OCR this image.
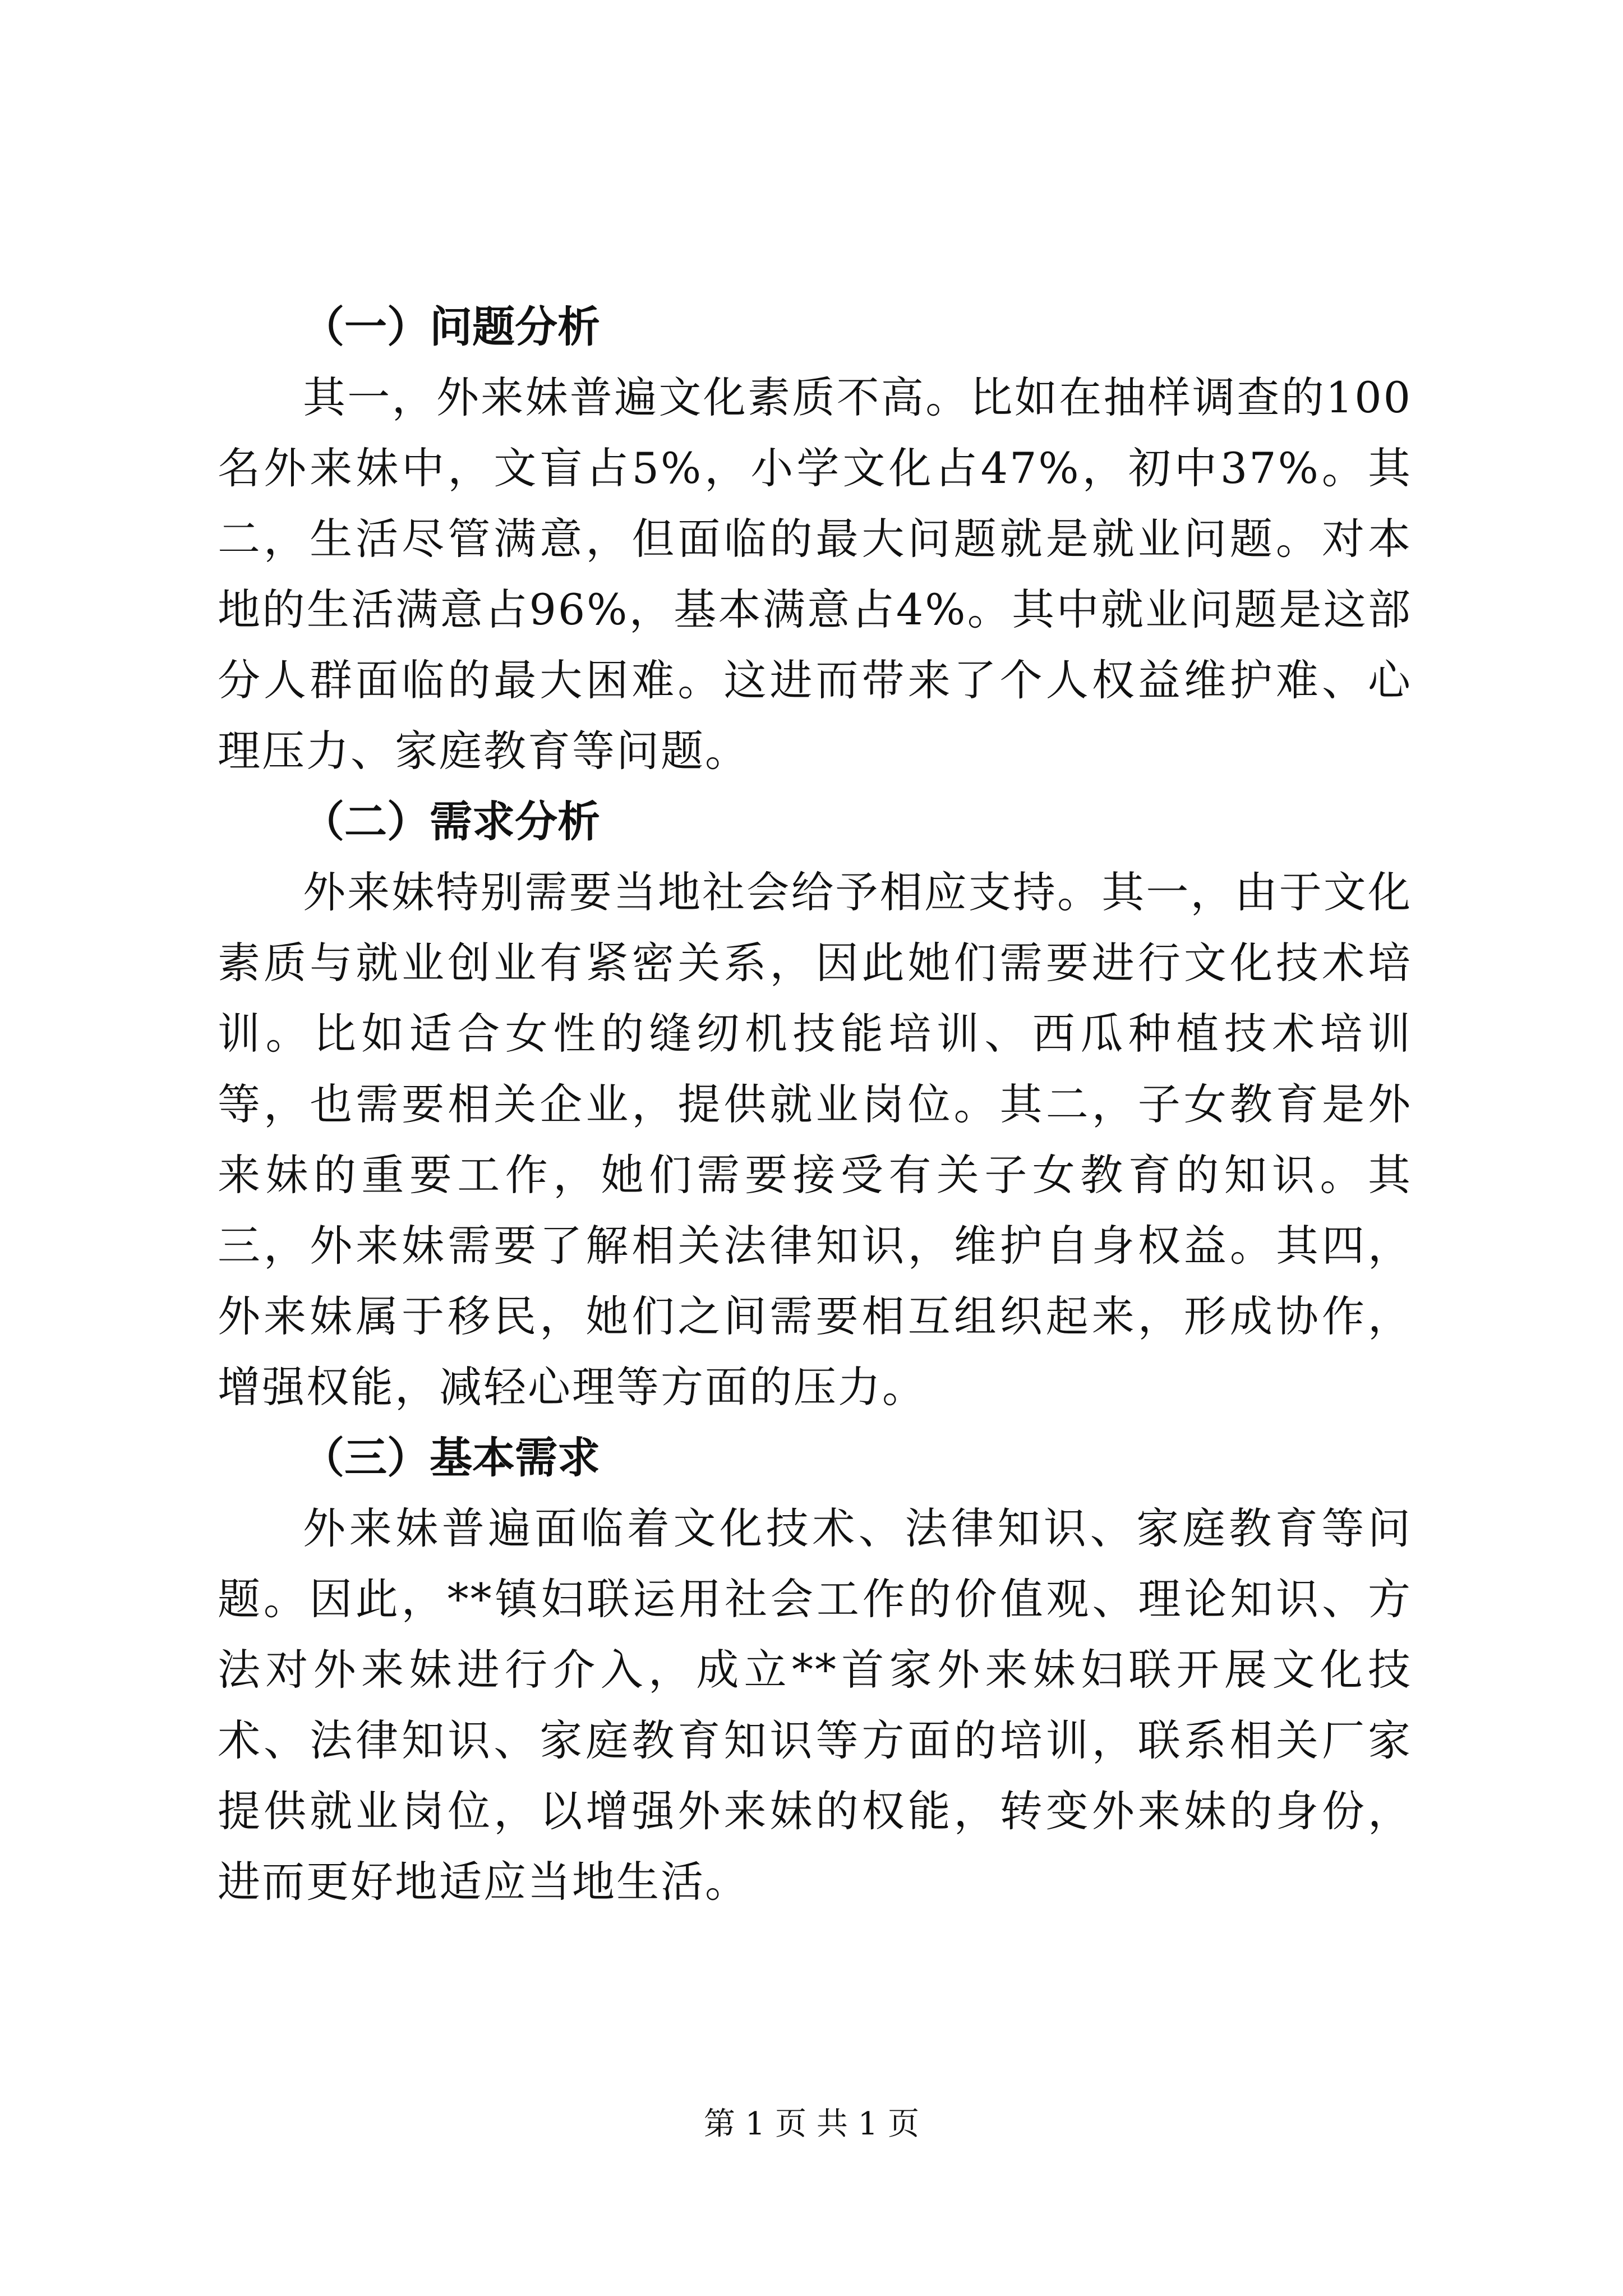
（一）问题分析

其一，外来妹普遍文化素质不高。比如在抽样调查的100名外来妹中，文盲占5%，小学文化占47%，初中37%。其二，生活尽管满意，但面临的最大问题就是就业问题。对本地的生活满意占96%，基本满意占4%。其中就业问题是这部分人群面临的最大困难。这进而带来了个人权益维护难、心理压力、家庭教育等问题。

（二）需求分析

外来妹特别需要当地社会给予相应支持。其一，由于文化素质与就业创业有紧密关系，因此她们需要进行文化技术培训。比如适合女性的缝纫机技能培训、西瓜种植技术培训等，也需要相关企业，提供就业岗位。其二，子女教育是外来妹的重要工作，她们需要接受有关子女教育的知识。其三，外来妹需要了解相关法律知识，维护自身权益。其四，外来妹属于移民，她们之间需要相互组织起来，形成协作，增强权能，减轻心理等方面的压力。

（三）基本需求

外来妹普遍面临着文化技术、法律知识、家庭教育等问题。因此，**镇妇联运用社会工作的价值观、理论知识、方法对外来妹进行介入，成立**首家外来妹妇联开展文化技术、法律知识、家庭教育知识等方面的培训，联系相关厂家提供就业岗位，以增强外来妹的权能，转变外来妹的身份，进而更好地适应当地生活。

第 1 页 共 1 页
